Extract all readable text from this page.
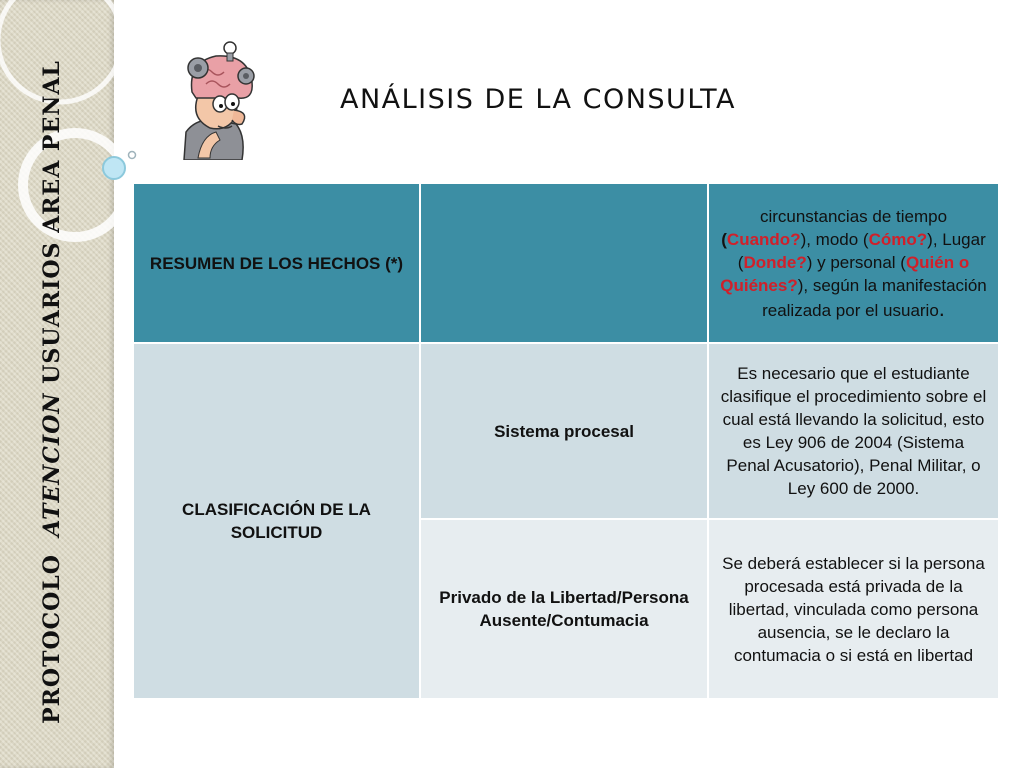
PROTOCOLO  ATENCION USUARIOS AREA PENAL	ANÁLISIS DE LA CONSULTA
RESUMEN DE LOS HECHOS (*)		circunstancias de tiempo (Cuando?), modo (Cómo?), Lugar (Donde?) y personal (Quién o Quiénes?), según la manifestación realizada por el usuario.
CLASIFICACIÓN DE LA SOLICITUD	Sistema procesal	Es necesario que el estudiante clasifique el procedimiento sobre el cual está llevando la solicitud, esto es Ley 906 de 2004 (Sistema Penal Acusatorio), Penal Militar, o Ley 600 de 2000.
	Privado de la Libertad/Persona Ausente/Contumacia	Se deberá establecer si la persona procesada está privada de la libertad, vinculada como persona ausencia, se le declaro la contumacia o si está en libertad
